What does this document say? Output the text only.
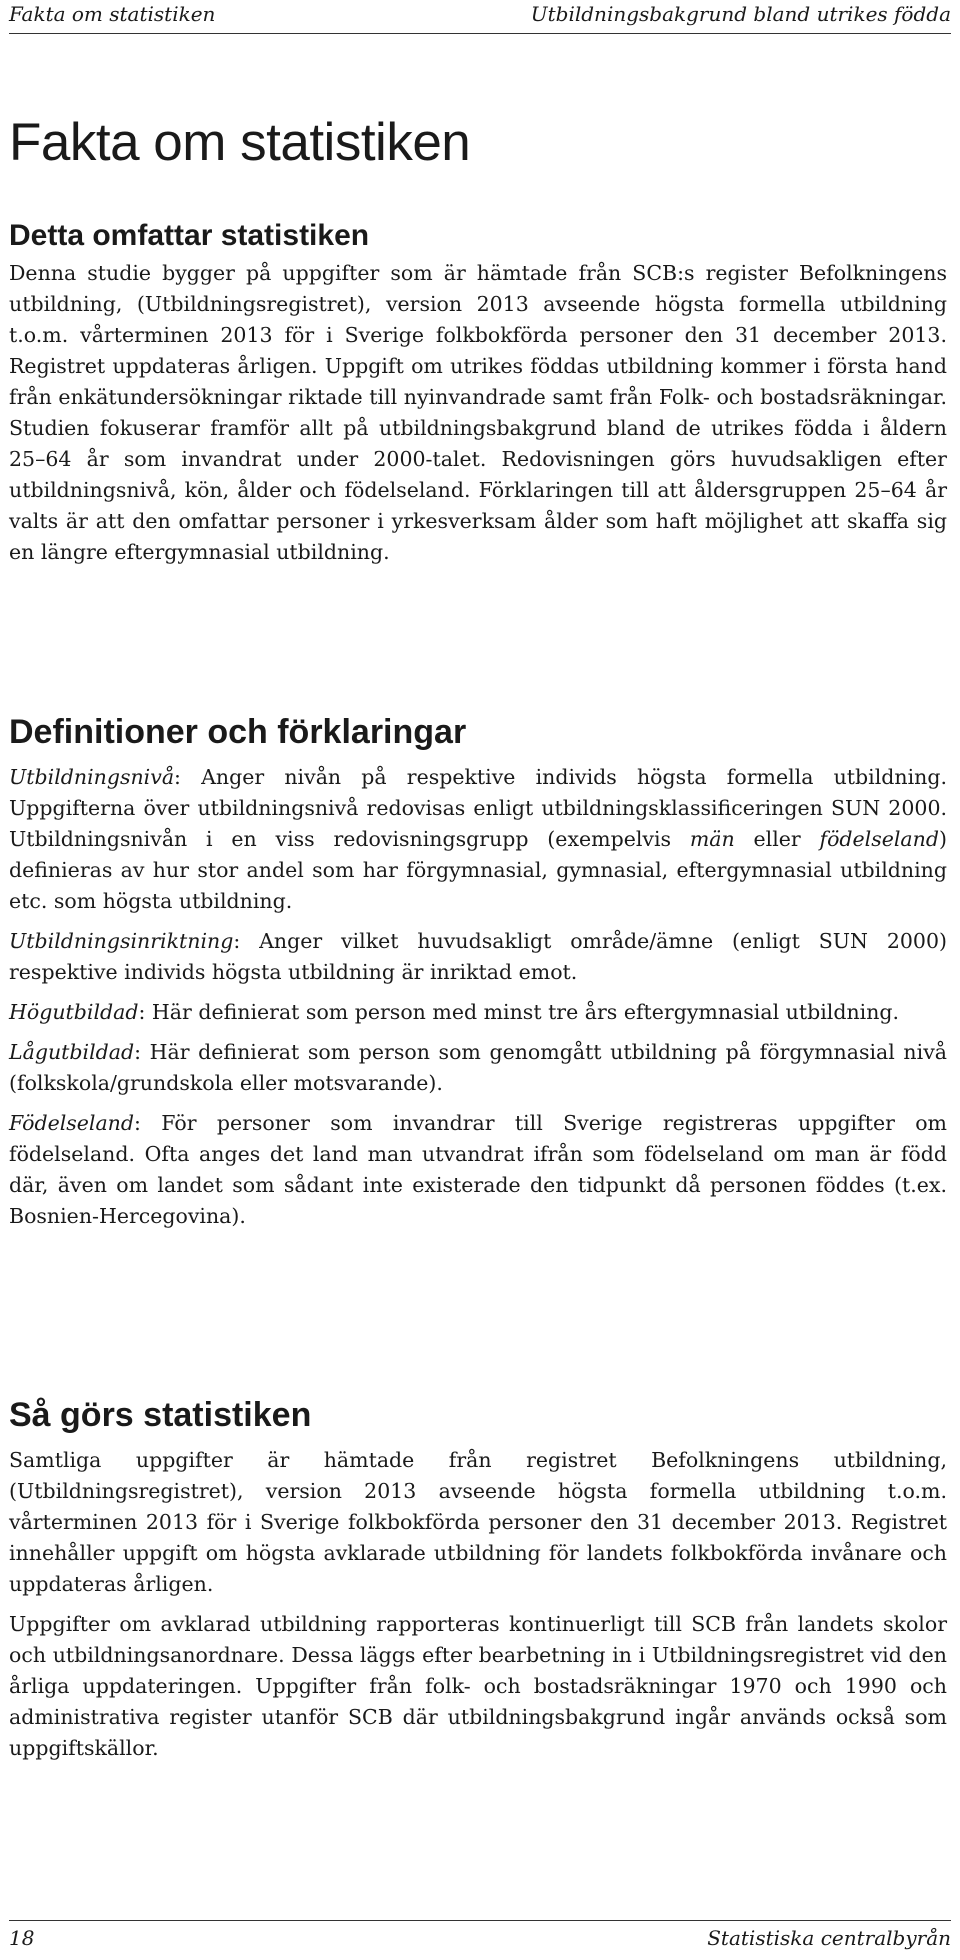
Fakta om statistiken	Utbildningsbakgrund bland utrikes födda
Fakta om statistiken
Detta omfattar statistiken

Denna studie bygger på uppgifter som är hämtade från SCB:s register Befolkningens utbildning, (Utbildningsregistret), version 2013 avseende högsta formella utbildning t.o.m. vårterminen 2013 för i Sverige folkbokförda personer den 31 december 2013. Registret uppdateras årligen. Uppgift om utrikes föddas utbildning kommer i första hand från enkätundersökningar riktade till nyinvandrade samt från Folk- och bostadsräkningar. Studien fokuserar framför allt på utbildningsbakgrund bland de utrikes födda i åldern 25–64 år som invandrat under 2000-talet. Redovisningen görs huvudsakligen efter utbildningsnivå, kön, ålder och födelseland. Förklaringen till att åldersgruppen 25–64 år valts är att den omfattar personer i yrkesverksam ålder som haft möjlighet att skaffa sig en längre eftergymnasial utbildning.

Definitioner och förklaringar

Utbildningsnivå: Anger nivån på respektive individs högsta formella utbildning. Uppgifterna över utbildningsnivå redovisas enligt utbildningsklassificeringen SUN 2000. Utbildningsnivån i en viss redovisningsgrupp (exempelvis män eller födelseland) definieras av hur stor andel som har förgymnasial, gymnasial, eftergymnasial utbildning etc. som högsta utbildning.

Utbildningsinriktning: Anger vilket huvudsakligt område/ämne (enligt SUN 2000) respektive individs högsta utbildning är inriktad emot.

Högutbildad: Här definierat som person med minst tre års eftergymnasial utbildning.

Lågutbildad: Här definierat som person som genomgått utbildning på förgymnasial nivå (folkskola/grundskola eller motsvarande).

Födelseland: För personer som invandrar till Sverige registreras uppgifter om födelseland. Ofta anges det land man utvandrat ifrån som födelseland om man är född där, även om landet som sådant inte existerade den tidpunkt då personen föddes (t.ex. Bosnien-Hercegovina).

Så görs statistiken

Samtliga uppgifter är hämtade från registret Befolkningens utbildning, (Utbildningsregistret), version 2013 avseende högsta formella utbildning t.o.m. vårterminen 2013 för i Sverige folkbokförda personer den 31 december 2013. Registret innehåller uppgift om högsta avklarade utbildning för landets folkbokförda invånare och uppdateras årligen.

Uppgifter om avklarad utbildning rapporteras kontinuerligt till SCB från landets skolor och utbildningsanordnare. Dessa läggs efter bearbetning in i Utbildningsregistret vid den årliga uppdateringen. Uppgifter från folk- och bostadsräkningar 1970 och 1990 och administrativa register utanför SCB där utbildningsbakgrund ingår används också som uppgiftskällor.

18	Statistiska centralbyrån
